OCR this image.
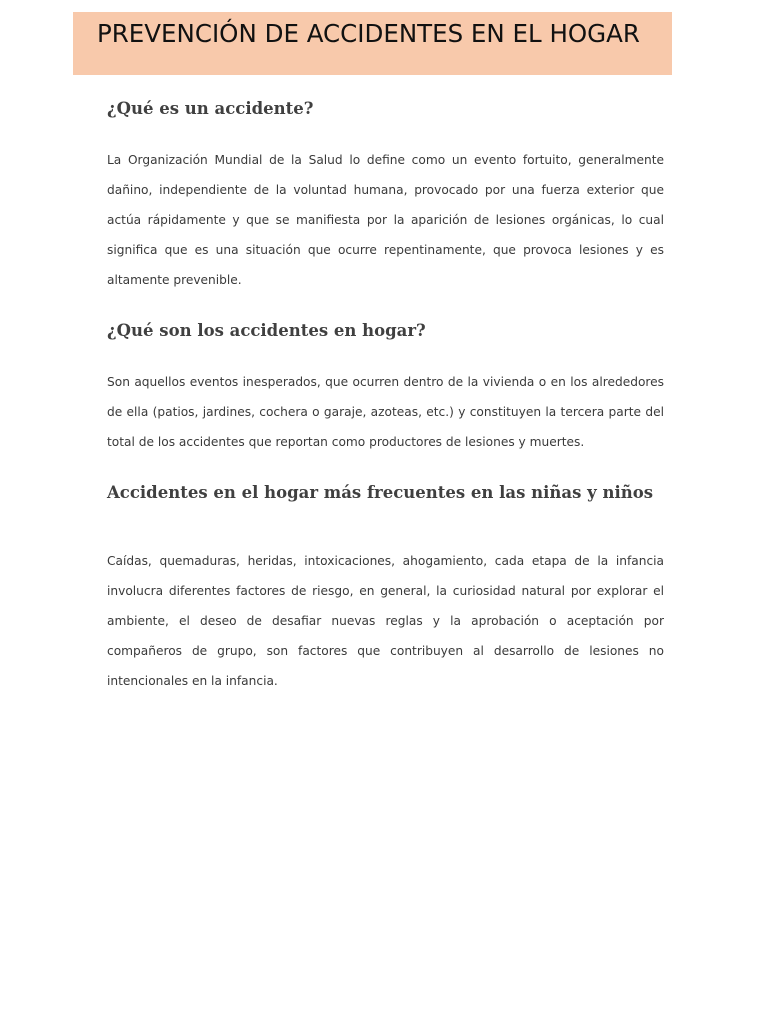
PREVENCIÓN DE ACCIDENTES EN EL HOGAR
¿Qué es un accidente?

La Organización Mundial de la Salud lo define como un evento fortuito, generalmente dañino, independiente de la voluntad humana, provocado por una fuerza exterior que actúa rápidamente y que se manifiesta por la aparición de lesiones orgánicas, lo cual significa que es una situación que ocurre repentinamente, que provoca lesiones y es altamente prevenible.

¿Qué son los accidentes en hogar?

Son aquellos eventos inesperados, que ocurren dentro de la vivienda o en los alrededores de ella (patios, jardines, cochera o garaje, azoteas, etc.) y constituyen la tercera parte del total de los accidentes que reportan como productores de lesiones y muertes.

Accidentes en el hogar más frecuentes en las niñas y niños

Caídas, quemaduras, heridas, intoxicaciones, ahogamiento, cada etapa de la infancia involucra diferentes factores de riesgo, en general, la curiosidad natural por explorar el ambiente, el deseo de desafiar nuevas reglas y la aprobación o aceptación por compañeros de grupo, son factores que contribuyen al desarrollo de lesiones no intencionales en la infancia.
